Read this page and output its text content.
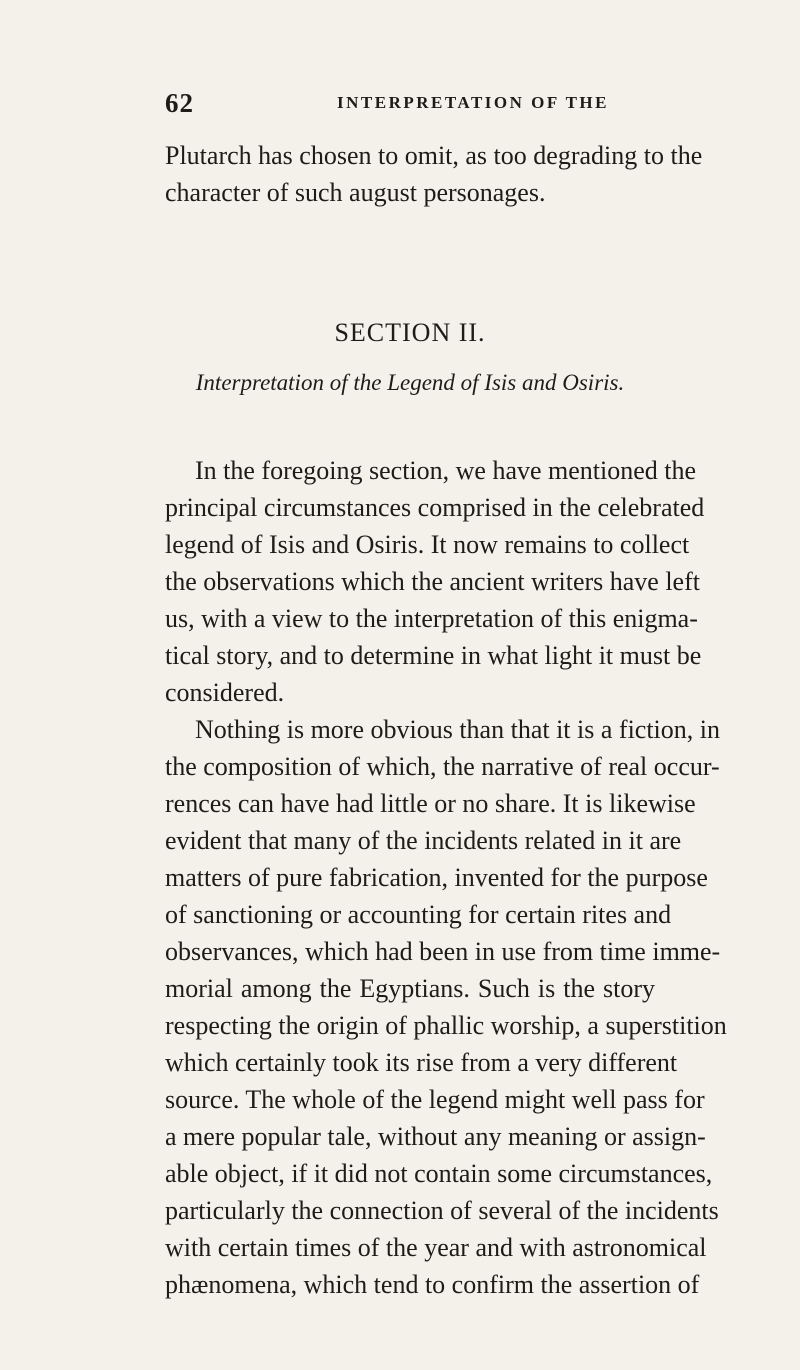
62	INTERPRETATION OF THE
Plutarch has chosen to omit, as too degrading to the
character of such august personages.
SECTION II.
Interpretation of the Legend of Isis and Osiris.
In the foregoing section, we have mentioned the
principal circumstances comprised in the celebrated
legend of Isis and Osiris. It now remains to collect
the observations which the ancient writers have left
us, with a view to the interpretation of this enigma-
tical story, and to determine in what light it must be
considered.
Nothing is more obvious than that it is a fiction, in
the composition of which, the narrative of real occur-
rences can have had little or no share. It is likewise
evident that many of the incidents related in it are
matters of pure fabrication, invented for the purpose
of sanctioning or accounting for certain rites and
observances, which had been in use from time imme-
morial among the Egyptians. Such is the story
respecting the origin of phallic worship, a superstition
which certainly took its rise from a very different
source. The whole of the legend might well pass for
a mere popular tale, without any meaning or assign-
able object, if it did not contain some circumstances,
particularly the connection of several of the incidents
with certain times of the year and with astronomical
phænomena, which tend to confirm the assertion of
